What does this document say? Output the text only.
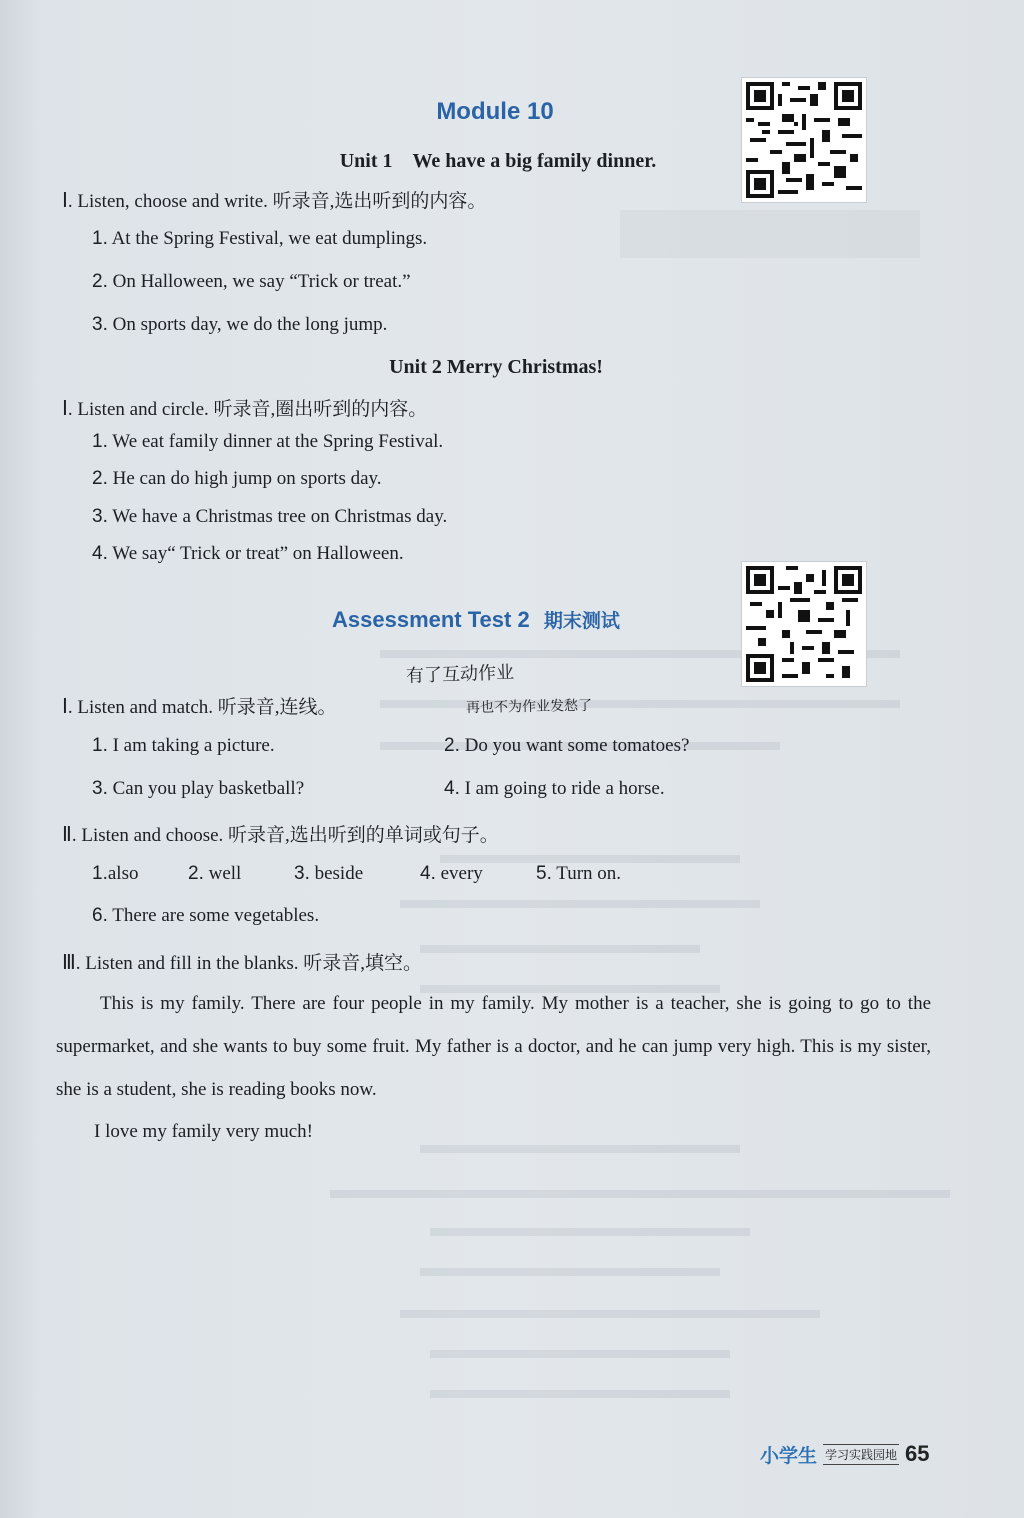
Module 10
Unit 1　We have a big family dinner.
Ⅰ. Listen, choose and write. 听录音,选出听到的内容。
1. At the Spring Festival, we eat dumplings.
2. On Halloween, we say “Trick or treat.”
3. On sports day, we do the long jump.
Unit 2 Merry Christmas!
Ⅰ. Listen and circle. 听录音,圈出听到的内容。
1. We eat family dinner at the Spring Festival.
2. He can do high jump on sports day.
3. We have a Christmas tree on Christmas day.
4. We say“ Trick or treat” on Halloween.
Assessment Test 2 期末测试
有了互动作业
Ⅰ. Listen and match. 听录音,连线。	再也不为作业发愁了
1. I am taking a picture.	2. Do you want some tomatoes?
3. Can you play basketball?	4. I am going to ride a horse.
Ⅱ. Listen and choose. 听录音,选出听到的单词或句子。
1.also	2. well	3. beside	4. every	5. Turn on.
6. There are some vegetables.
Ⅲ. Listen and fill in the blanks. 听录音,填空。
This is my family. There are four people in my family. My mother is a teacher, she is going to go to the supermarket, and she wants to buy some fruit. My father is a doctor, and he can jump very high. This is my sister, she is a student, she is reading books now.
I love my family very much!
小学生 学习实践园地 65
